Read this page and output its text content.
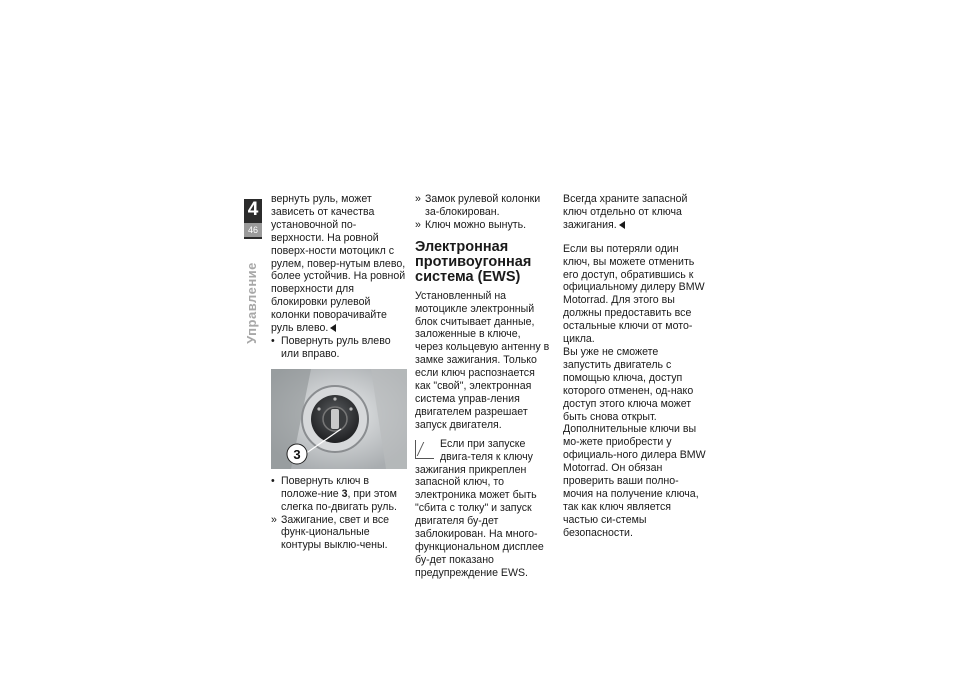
4
46
Управление

вернуть руль, может зависеть от качества установочной по-верхности. На ровной поверх-ности мотоцикл с рулем, повер-нутым влево, более устойчив. На ровной поверхности для блокировки рулевой колонки поворачивайте руль влево.

• Повернуть руль влево или вправо.

3

• Повернуть ключ в положе-ние 3, при этом слегка по-двигать руль.

» Зажигание, свет и все функ-циональные контуры выклю-чены.

» Замок рулевой колонки за-блокирован.

» Ключ можно вынуть.

Электронная противоугонная система (EWS)

Установленный на мотоцикле электронный блок считывает данные, заложенные в ключе, через кольцевую антенну в замке зажигания. Только если ключ распознается как "свой", электронная система управ-ления двигателем разрешает запуск двигателя.

Если при запуске двига-теля к ключу зажигания прикреплен запасной ключ, то электроника может быть "сбита с толку" и запуск двигателя бу-дет заблокирован. На много-функциональном дисплее бу-дет показано предупреждение EWS.

Всегда храните запасной ключ отдельно от ключа зажигания.

Если вы потеряли один ключ, вы можете отменить его доступ, обратившись к официальному дилеру BMW Motorrad. Для этого вы должны предоставить все остальные ключи от мото-цикла.

Вы уже не сможете запустить двигатель с помощью ключа, доступ которого отменен, од-нако доступ этого ключа может быть снова открыт.

Дополнительные ключи вы мо-жете приобрести у официаль-ного дилера BMW Motorrad. Он обязан проверить ваши полно-мочия на получение ключа, так как ключ является частью си-стемы безопасности.
